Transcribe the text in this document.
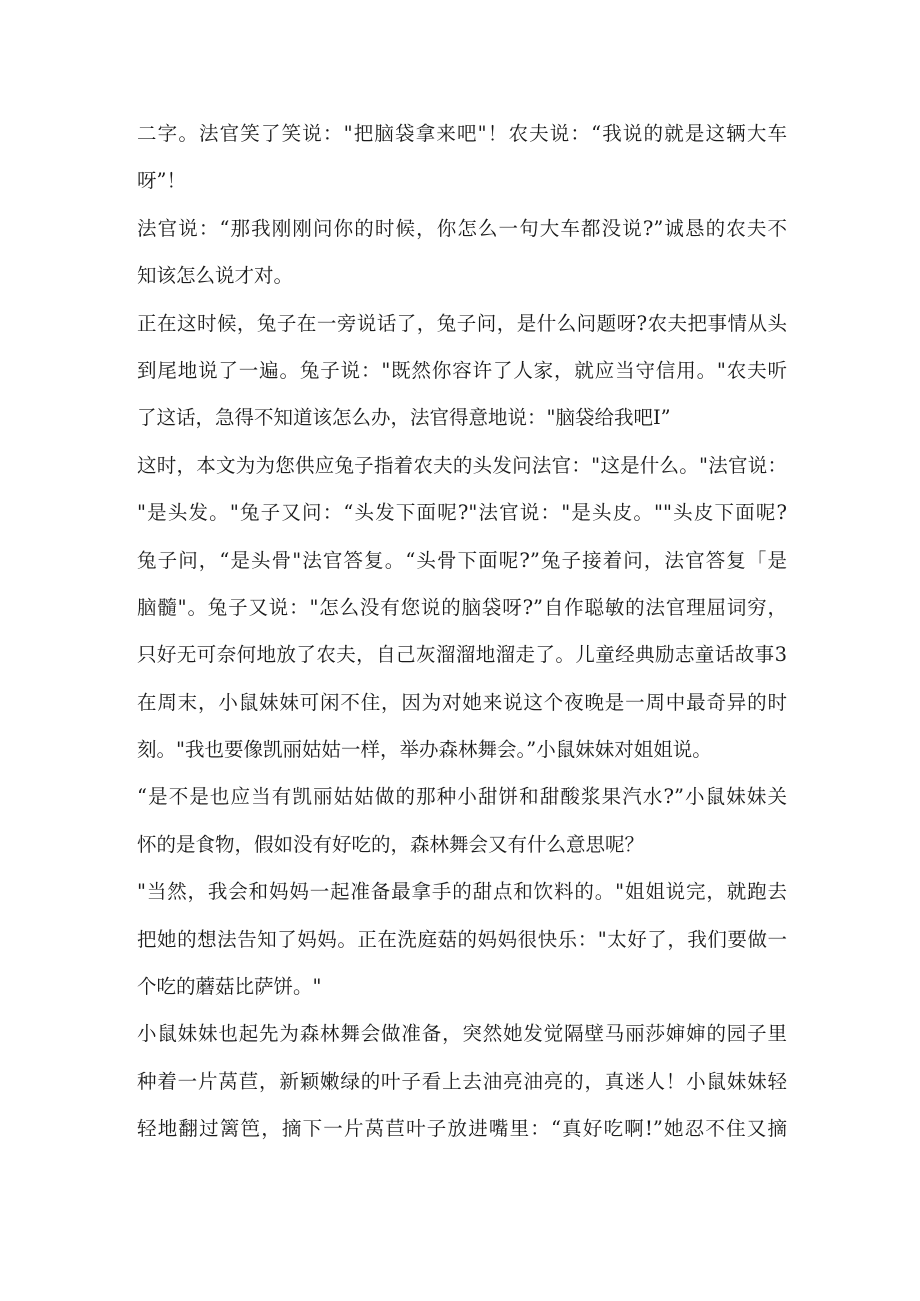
二字。法官笑了笑说："把脑袋拿来吧"！农夫说：“我说的就是这辆大车
呀”！
法官说：“那我刚刚问你的时候，你怎么一句大车都没说?”诚恳的农夫不
知该怎么说才对。
正在这时候，兔子在一旁说话了，兔子问，是什么问题呀?农夫把事情从头
到尾地说了一遍。兔子说："既然你容许了人家，就应当守信用。"农夫听
了这话，急得不知道该怎么办，法官得意地说："脑袋给我吧I”
这时，本文为为您供应兔子指着农夫的头发问法官："这是什么。"法官说：
"是头发。"兔子又问：“头发下面呢?"法官说："是头皮。""头皮下面呢?
兔子问，“是头骨"法官答复。“头骨下面呢?”兔子接着问，法官答复「是
脑髓"。兔子又说："怎么没有您说的脑袋呀?”自作聪敏的法官理屈词穷，
只好无可奈何地放了农夫，自己灰溜溜地溜走了。儿童经典励志童话故事3
在周末，小鼠妹妹可闲不住，因为对她来说这个夜晚是一周中最奇异的时
刻。"我也要像凯丽姑姑一样，举办森林舞会。”小鼠妹妹对姐姐说。
“是不是也应当有凯丽姑姑做的那种小甜饼和甜酸浆果汽水?”小鼠妹妹关
怀的是食物，假如没有好吃的，森林舞会又有什么意思呢？
"当然，我会和妈妈一起准备最拿手的甜点和饮料的。"姐姐说完，就跑去
把她的想法告知了妈妈。正在洗庭菇的妈妈很快乐："太好了，我们要做一
个吃的蘑菇比萨饼。"
小鼠妹妹也起先为森林舞会做准备，突然她发觉隔壁马丽莎婶婶的园子里
种着一片莴苣，新颖嫩绿的叶子看上去油亮油亮的，真迷人！小鼠妹妹轻
轻地翻过篱笆，摘下一片莴苣叶子放进嘴里：“真好吃啊!”她忍不住又摘
